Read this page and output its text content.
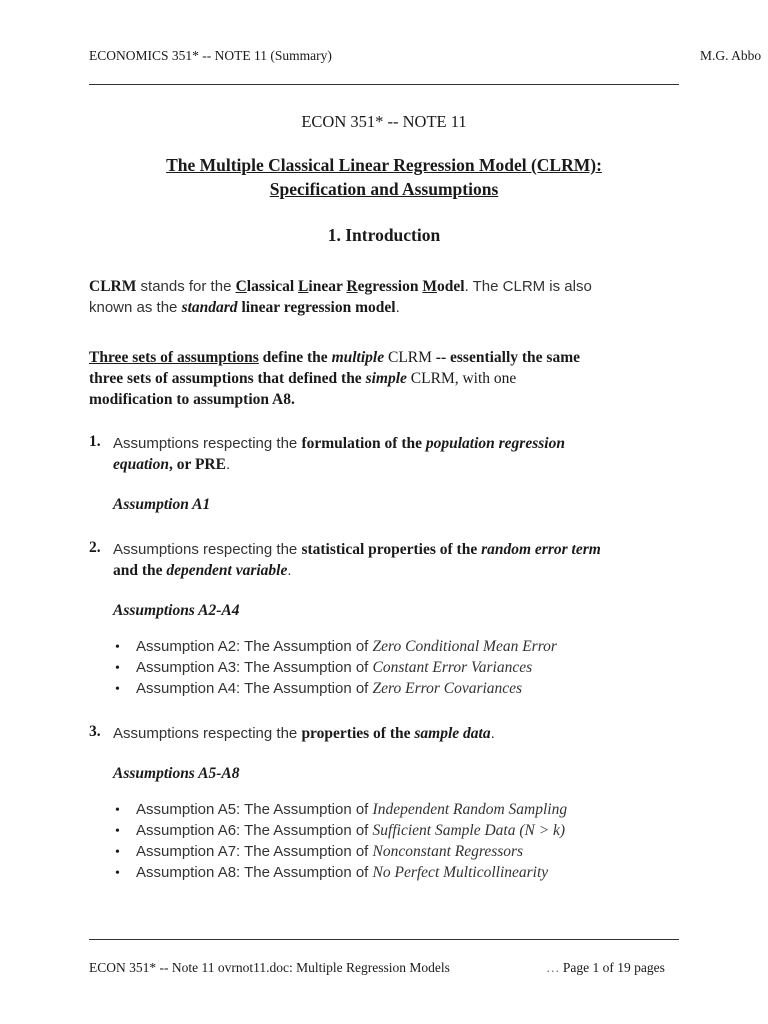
ECONOMICS 351* -- NOTE 11 (Summary)	M.G. Abbo
ECON 351* -- NOTE 11
The Multiple Classical Linear Regression Model (CLRM):
Specification and Assumptions
1. Introduction
CLRM stands for the Classical Linear Regression Model. The CLRM is also
known as the standard linear regression model.
Three sets of assumptions define the multiple CLRM -- essentially the same
three sets of assumptions that defined the simple CLRM, with one
modification to assumption A8.
1. Assumptions respecting the formulation of the population regression
equation, or PRE.
Assumption A1
2. Assumptions respecting the statistical properties of the random error term
and the dependent variable.
Assumptions A2-A4
• Assumption A2: The Assumption of Zero Conditional Mean Error
• Assumption A3: The Assumption of Constant Error Variances
• Assumption A4: The Assumption of Zero Error Covariances
3. Assumptions respecting the properties of the sample data.
Assumptions A5-A8
• Assumption A5: The Assumption of Independent Random Sampling
• Assumption A6: The Assumption of Sufficient Sample Data (N > k)
• Assumption A7: The Assumption of Nonconstant Regressors
• Assumption A8: The Assumption of No Perfect Multicollinearity
ECON 351* -- Note 11 ovrnot11.doc: Multiple Regression Models	… Page 1 of 19 pages
